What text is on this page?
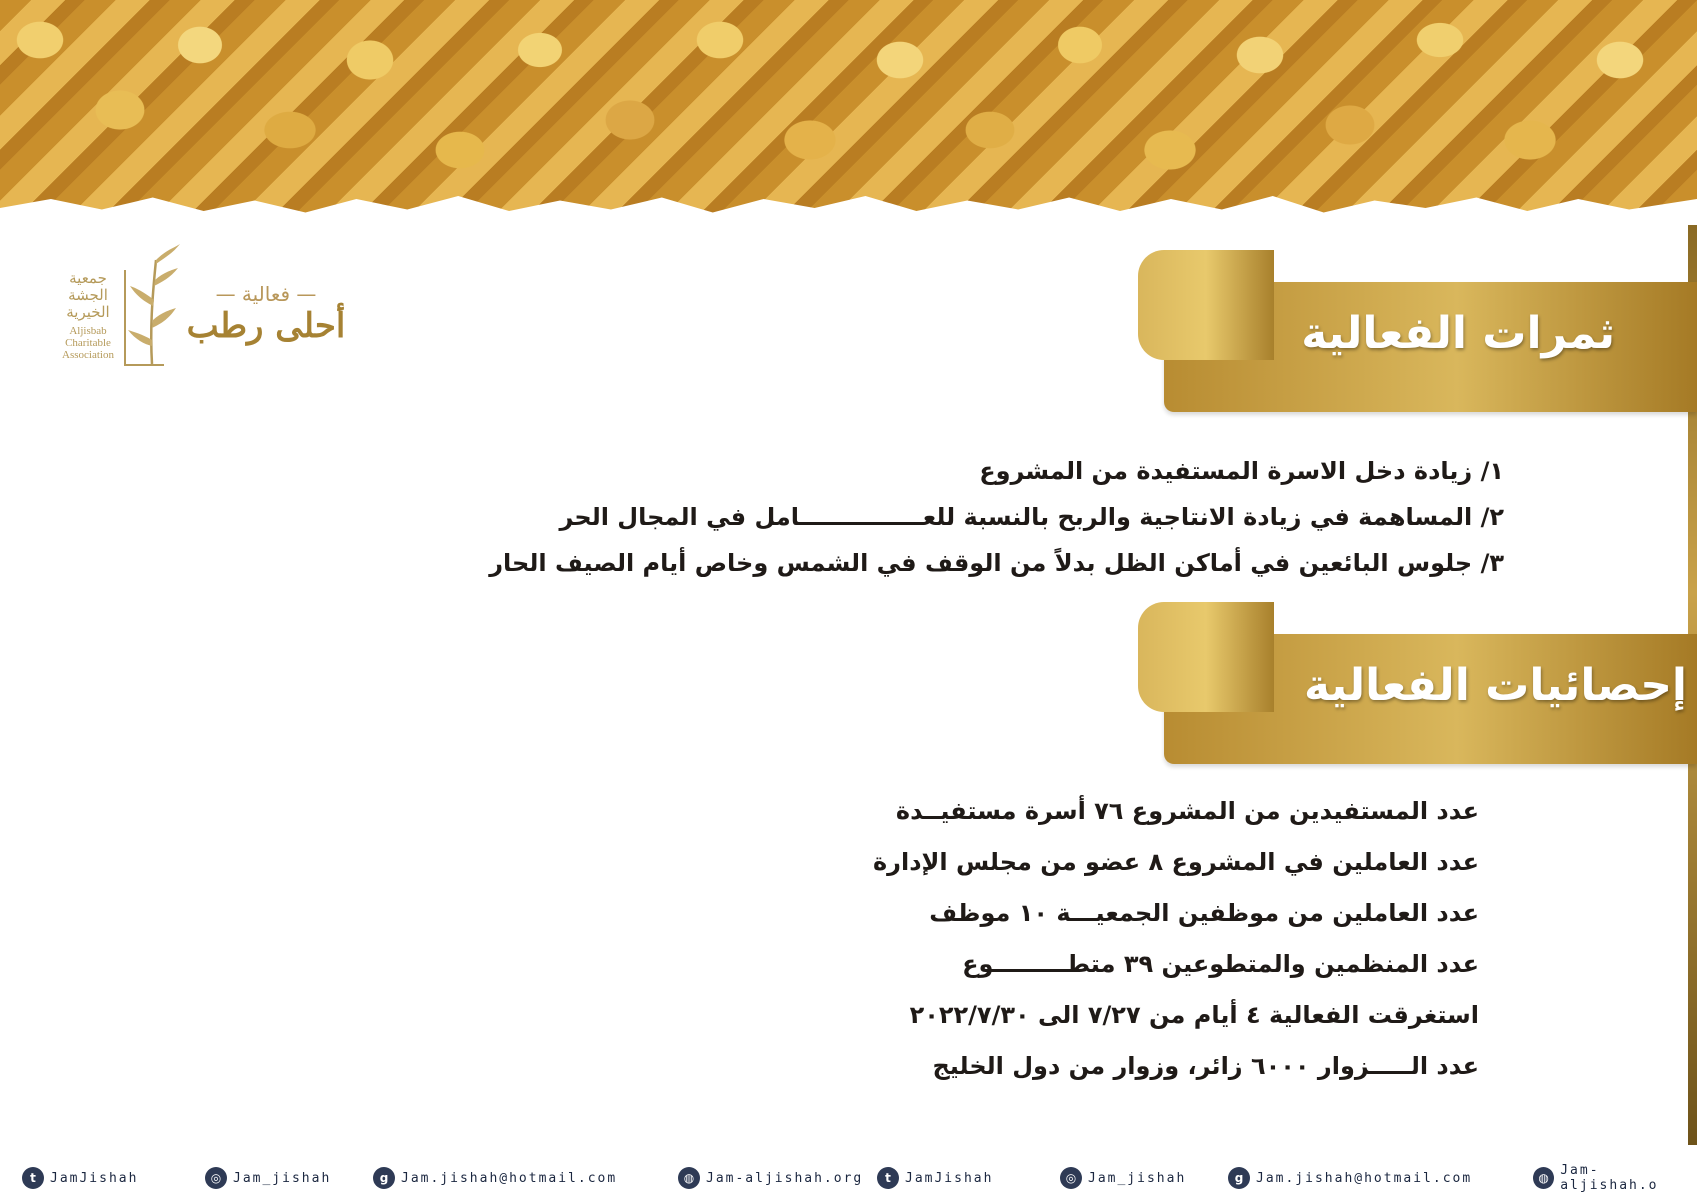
جمعية
الجشة
الخيرية
Aljisbab
Charitable
Association
— فعالية —
أحلى رطب	ثمرات الفعالية
١/ زيادة دخل الاسرة المستفيدة من المشروع
٢/ المساهمة في زيادة الانتاجية والربح بالنسبة للعـــــــــــــــامل في المجال الحر
٣/ جلوس البائعين في أماكن الظل بدلاً من الوقف في الشمس وخاص أيام الصيف الحار
إحصائيات الفعالية
عدد المستفيدين من المشروع ٧٦ أسرة مستفيــدة
عدد العاملين في المشروع ٨ عضو من مجلس الإدارة
عدد العاملين من موظفين الجمعيـــة ١٠ موظف
عدد المنظمين والمتطوعين ٣٩ متطـــــــــوع
استغرقت الفعالية ٤ أيام من ٧/٢٧ الى ٢٠٢٢/٧/٣٠
عدد الـــــزوار ٦٠٠٠ زائر، وزوار من دول الخليج
t	JamJishah	◎ Jam_jishah	g Jam.jishah@hotmail.com	◍ Jam-aljishah.org	t	JamJishah	◎ Jam_jishah	g Jam.jishah@hotmail.com	◍ Jam-aljishah.o
